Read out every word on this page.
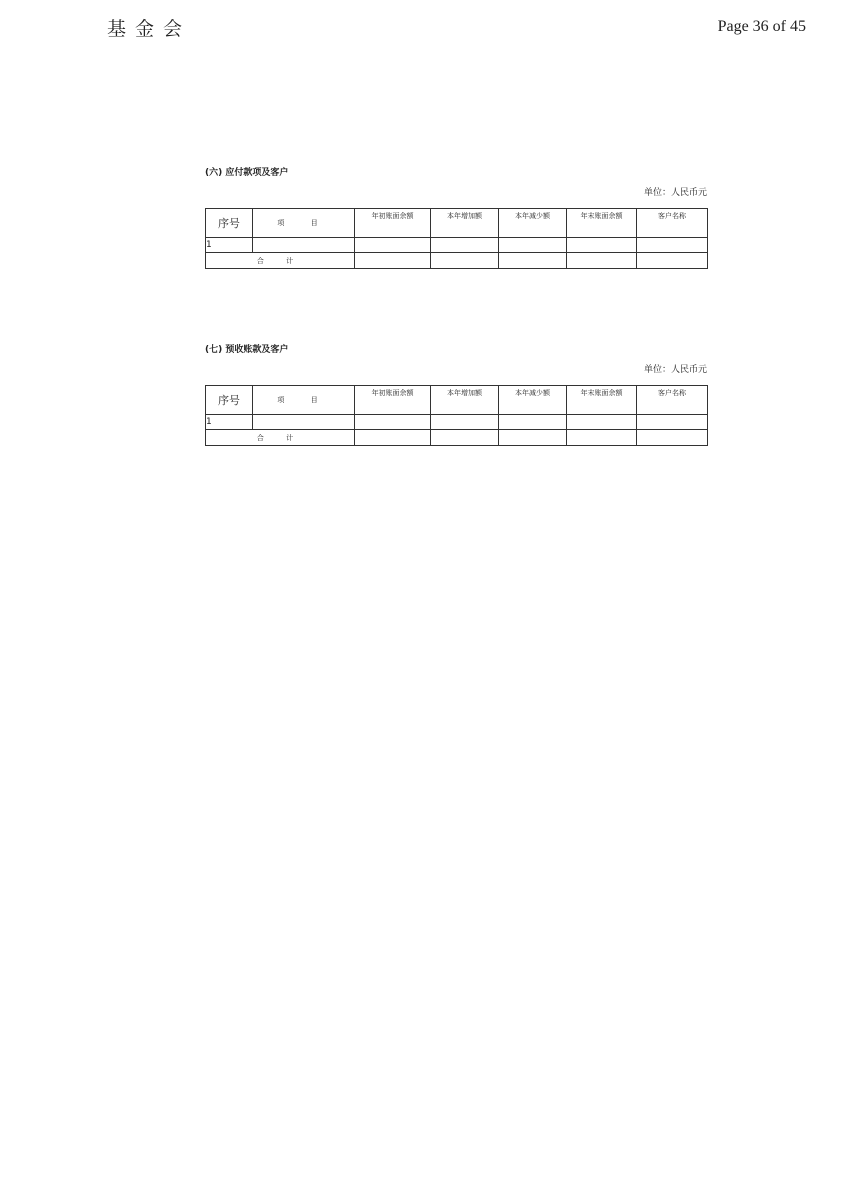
基金会	Page 36 of 45
(六) 应付款项及客户
单位：人民币元
序号	项 目	年初账面余额	本年增加额	本年减少额	年末账面余额	客户名称
1						
合 计						
(七) 预收账款及客户
单位：人民币元
序号	项 目	年初账面余额	本年增加额	本年减少额	年末账面余额	客户名称
1						
合 计						
